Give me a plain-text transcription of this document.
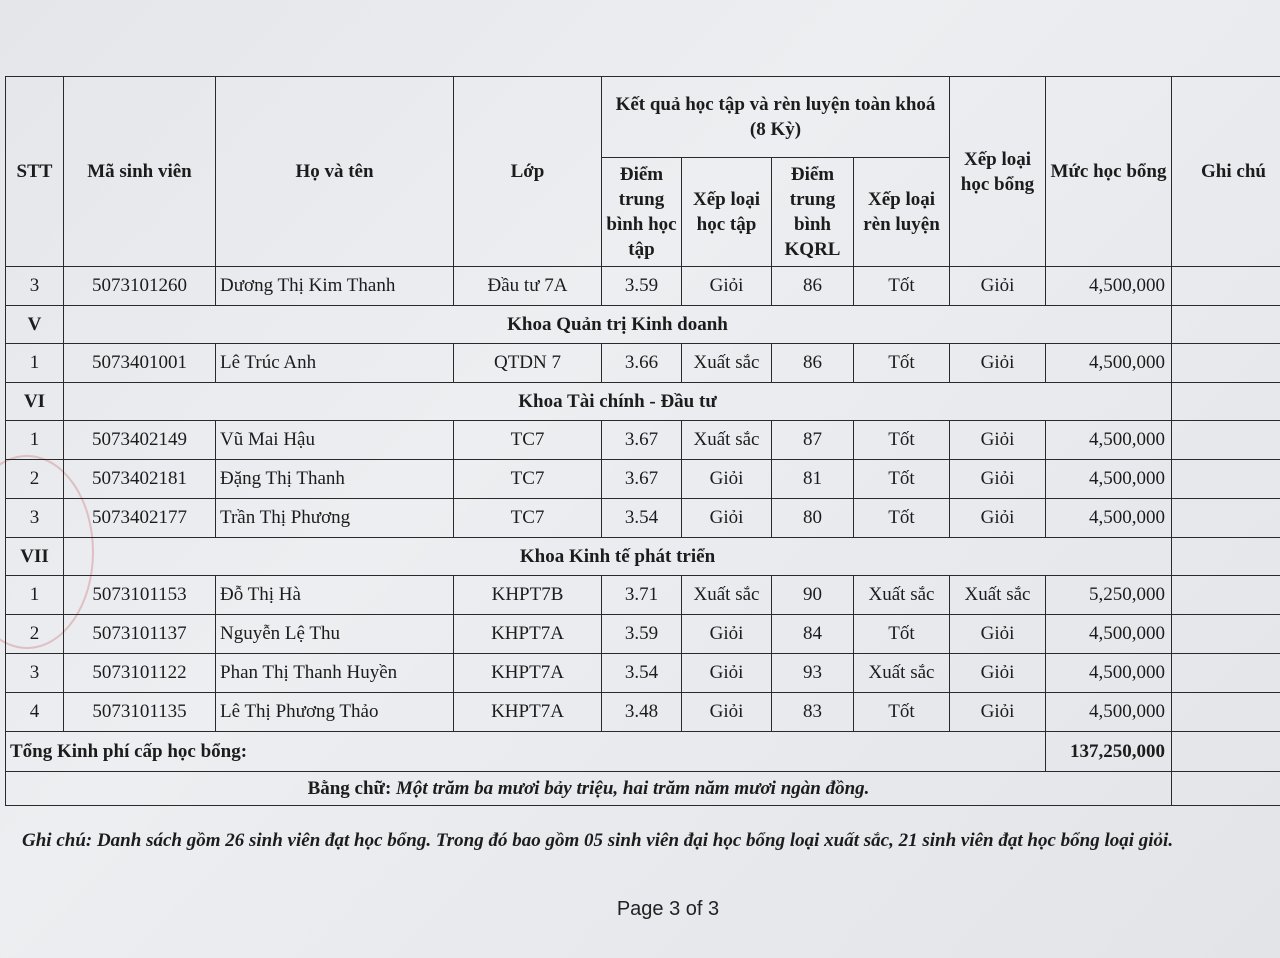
STT	Mã sinh viên	Họ và tên	Lớp	Kết quả học tập và rèn luyện toàn khoá (8 Kỳ)				Xếp loại học bổng	Mức học bổng	Ghi chú
				Điểm trung bình học tập	Xếp loại học tập	Điểm trung bình KQRL	Xếp loại rèn luyện			

3	5073101260	Dương Thị Kim Thanh	Đầu tư 7A	3.59	Giỏi	86	Tốt	Giỏi	4,500,000	
V	Khoa Quản trị Kinh doanh									
1	5073401001	Lê Trúc Anh	QTDN 7	3.66	Xuất sắc	86	Tốt	Giỏi	4,500,000	
VI	Khoa Tài chính - Đầu tư									
1	5073402149	Vũ Mai Hậu	TC7	3.67	Xuất sắc	87	Tốt	Giỏi	4,500,000	
2	5073402181	Đặng Thị Thanh	TC7	3.67	Giỏi	81	Tốt	Giỏi	4,500,000	
3	5073402177	Trần Thị Phương	TC7	3.54	Giỏi	80	Tốt	Giỏi	4,500,000	
VII	Khoa Kinh tế phát triển									
1	5073101153	Đỗ Thị Hà	KHPT7B	3.71	Xuất sắc	90	Xuất sắc	Xuất sắc	5,250,000	
2	5073101137	Nguyễn Lệ Thu	KHPT7A	3.59	Giỏi	84	Tốt	Giỏi	4,500,000	
3	5073101122	Phan Thị Thanh Huyền	KHPT7A	3.54	Giỏi	93	Xuất sắc	Giỏi	4,500,000	
4	5073101135	Lê Thị Phương Thảo	KHPT7A	3.48	Giỏi	83	Tốt	Giỏi	4,500,000	
Tổng Kinh phí cấp học bổng:									137,250,000	
Bằng chữ: Một trăm ba mươi bảy triệu, hai trăm năm mươi ngàn đồng.										
Ghi chú: Danh sách gồm 26 sinh viên đạt học bổng. Trong đó bao gồm 05 sinh viên đại học bổng loại xuất sắc, 21 sinh viên đạt học bổng loại giỏi.
Page 3 of 3
